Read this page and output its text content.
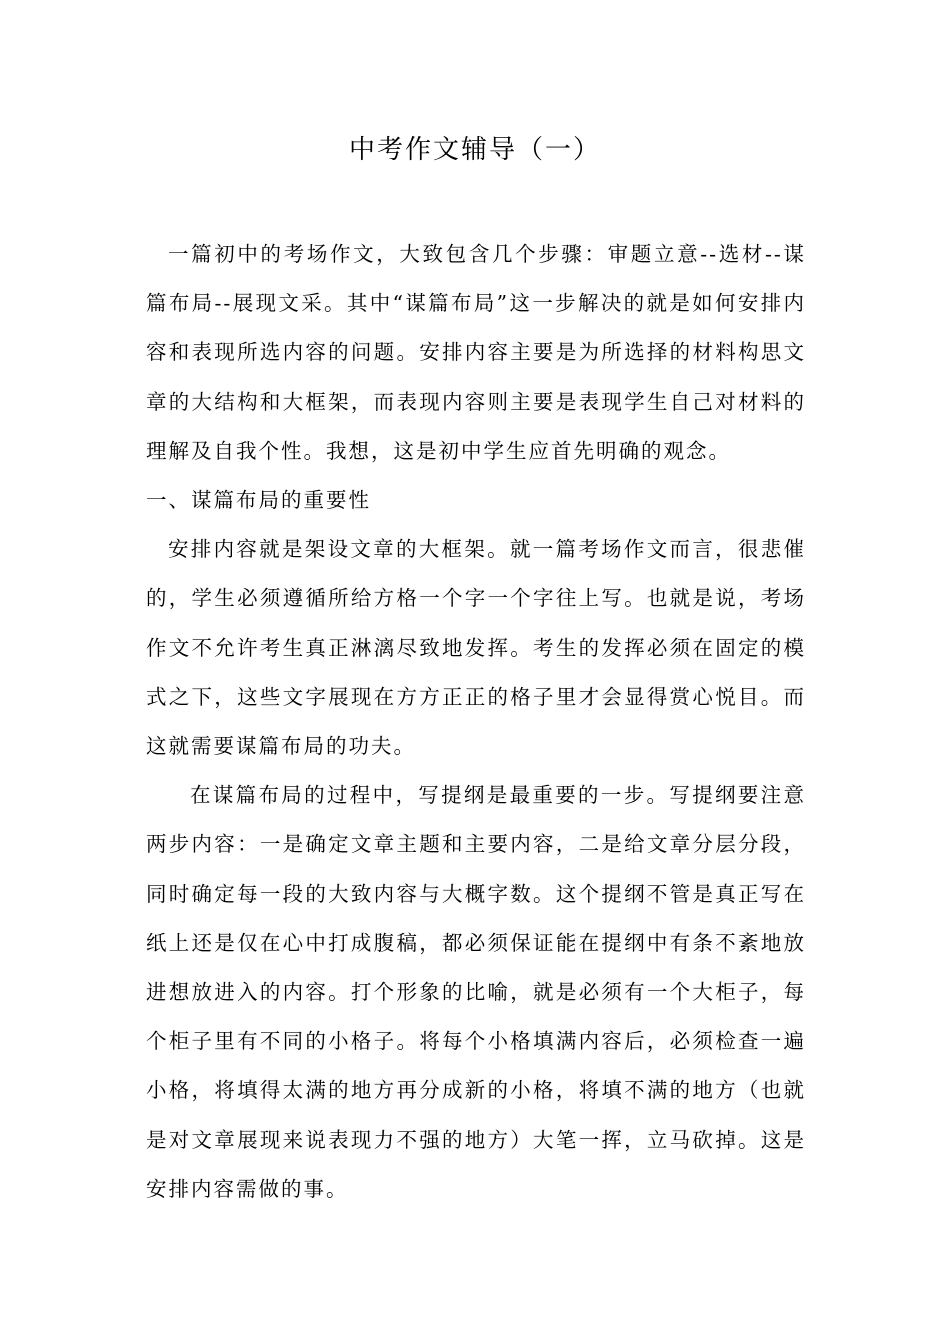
中考作文辅导（一）

一篇初中的考场作文，大致包含几个步骤：审题立意--选材--谋篇布局--展现文采。其中“谋篇布局”这一步解决的就是如何安排内容和表现所选内容的问题。安排内容主要是为所选择的材料构思文章的大结构和大框架，而表现内容则主要是表现学生自己对材料的理解及自我个性。我想，这是初中学生应首先明确的观念。

一、谋篇布局的重要性

安排内容就是架设文章的大框架。就一篇考场作文而言，很悲催的，学生必须遵循所给方格一个字一个字往上写。也就是说，考场作文不允许考生真正淋漓尽致地发挥。考生的发挥必须在固定的模式之下，这些文字展现在方方正正的格子里才会显得赏心悦目。而这就需要谋篇布局的功夫。

在谋篇布局的过程中，写提纲是最重要的一步。写提纲要注意两步内容：一是确定文章主题和主要内容，二是给文章分层分段，同时确定每一段的大致内容与大概字数。这个提纲不管是真正写在纸上还是仅在心中打成腹稿，都必须保证能在提纲中有条不紊地放进想放进入的内容。打个形象的比喻，就是必须有一个大柜子，每个柜子里有不同的小格子。将每个小格填满内容后，必须检查一遍小格，将填得太满的地方再分成新的小格，将填不满的地方（也就是对文章展现来说表现力不强的地方）大笔一挥，立马砍掉。这是安排内容需做的事。
